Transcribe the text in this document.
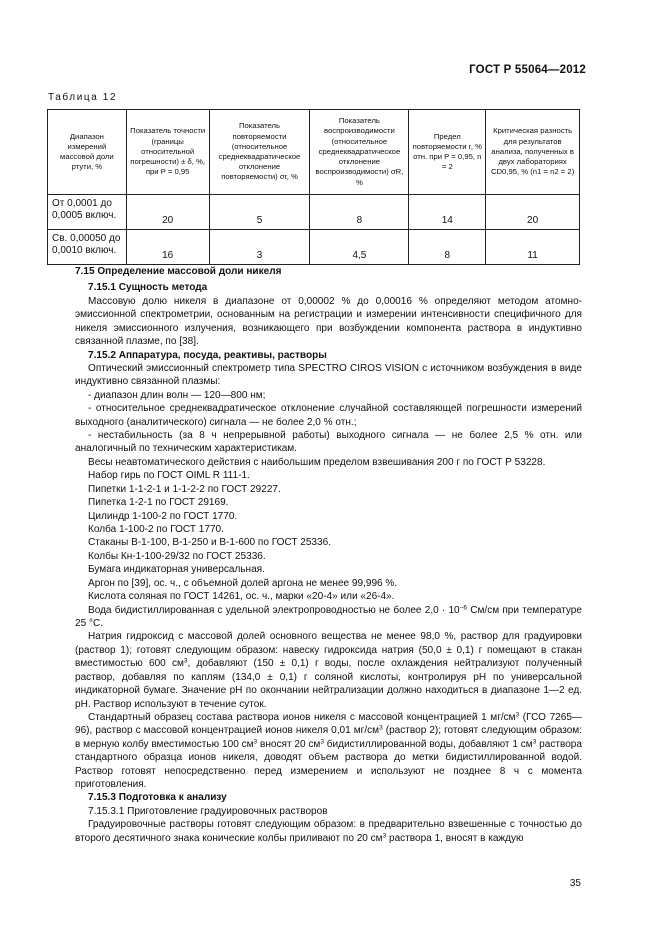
ГОСТ Р 55064—2012
Таблица 12
Диапазон измерений массовой доли ртути, %	Показатель точности (границы относительной погрешности) ± δ, %, при P = 0,95	Показатель повторяемости (относительное среднеквадратическое отклонение повторяемости) σr, %	Показатель воспроизводимости (относительное среднеквадратическое отклонение воспроизводимости) σR, %	Предел повторяемости r, % отн. при P = 0,95, n = 2	Критическая разность для результатов анализа, полученных в двух лабораториях CD0,95, % (n1 = n2 = 2)
От 0,0001 до 0,0005 включ.	20	5	8	14	20
Св. 0,00050 до 0,0010 включ.	16	3	4,5	8	11

7.15 Определение массовой доли никеля

7.15.1 Сущность метода

Массовую долю никеля в диапазоне от 0,00002 % до 0,00016 % определяют методом атомно-эмиссионной спектрометрии, основанным на регистрации и измерении интенсивности специфичного для никеля эмиссионного излучения, возникающего при возбуждении компонента раствора в индуктивно связанной плазме, по [38].

7.15.2 Аппаратура, посуда, реактивы, растворы

Оптический эмиссионный спектрометр типа SPECTRO CIROS VISION с источником возбуждения в виде индуктивно связанной плазмы:

- диапазон длин волн — 120—800 нм;

- относительное среднеквадратическое отклонение случайной составляющей погрешности измерений выходного (аналитического) сигнала — не более 2,0 % отн.;

- нестабильность (за 8 ч непрерывной работы) выходного сигнала — не более 2,5 % отн. или аналогичный по техническим характеристикам.

Весы неавтоматического действия с наибольшим пределом взвешивания 200 г по ГОСТ Р 53228.

Набор гирь по ГОСТ OIML R 111-1.

Пипетки 1-1-2-1 и 1-1-2-2 по ГОСТ 29227.

Пипетка 1-2-1 по ГОСТ 29169.

Цилиндр 1-100-2 по ГОСТ 1770.

Колба 1-100-2 по ГОСТ 1770.

Стаканы В-1-100, В-1-250 и В-1-600 по ГОСТ 25336.

Колбы Кн-1-100-29/32 по ГОСТ 25336.

Бумага индикаторная универсальная.

Аргон по [39], ос. ч., с объемной долей аргона не менее 99,996 %.

Кислота соляная по ГОСТ 14261, ос. ч., марки «20-4» или «26-4».

Вода бидистиллированная с удельной электропроводностью не более $2,0 \cdot 10^{-6}$ См/см при температуре 25 °С.

Натрия гидроксид с массовой долей основного вещества не менее 98,0 %, раствор для градуировки (раствор 1); готовят следующим образом: навеску гидроксида натрия (50,0 ± 0,1) г помещают в стакан вместимостью 600 $см^3$, добавляют (150 ± 0,1) г воды, после охлаждения нейтрализуют полученный раствор, добавляя по каплям (134,0 ± 0,1) г соляной кислоты, контролируя рН по универсальной индикаторной бумаге. Значение рН по окончании нейтрализации должно находиться в диапазоне 1—2 ед. рН. Раствор используют в течение суток.

Стандартный образец состава раствора ионов никеля с массовой концентрацией 1 $мг/см^3$ (ГСО 7265—96), раствор с массовой концентрацией ионов никеля 0,01 $мг/см^3$ (раствор 2); готовят следующим образом: в мерную колбу вместимостью 100 $см^3$ вносят 20 $см^3$ бидистиллированной воды, добавляют 1 $см^3$ раствора стандартного образца ионов никеля, доводят объем раствора до метки бидистиллированной водой. Раствор готовят непосредственно перед измерением и используют не позднее 8 ч с момента приготовления.

7.15.3 Подготовка к анализу

7.15.3.1 Приготовление градуировочных растворов

Градуировочные растворы готовят следующим образом: в предварительно взвешенные с точностью до второго десятичного знака конические колбы приливают по 20 $см^3$ раствора 1, вносят в каждую

35
